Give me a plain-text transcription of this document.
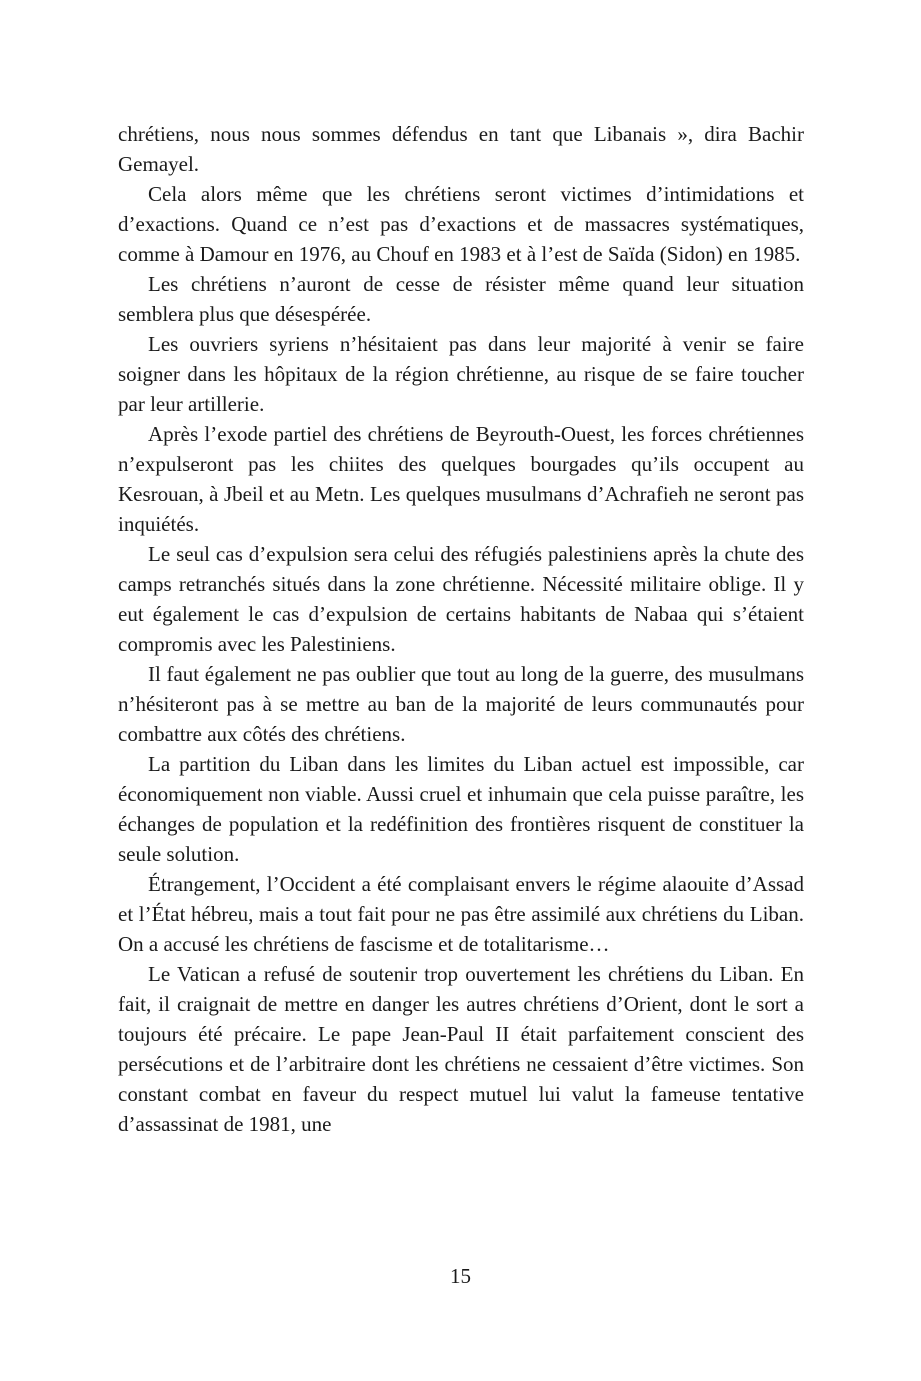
chrétiens, nous nous sommes défendus en tant que Libanais », dira Bachir Gemayel.

Cela alors même que les chrétiens seront victimes d’intimidations et d’exactions. Quand ce n’est pas d’exactions et de massacres systématiques, comme à Damour en 1976, au Chouf en 1983 et à l’est de Saïda (Sidon) en 1985.

Les chrétiens n’auront de cesse de résister même quand leur situation semblera plus que désespérée.

Les ouvriers syriens n’hésitaient pas dans leur majorité à venir se faire soigner dans les hôpitaux de la région chrétienne, au risque de se faire toucher par leur artillerie.

Après l’exode partiel des chrétiens de Beyrouth-Ouest, les forces chrétiennes n’expulseront pas les chiites des quelques bourgades qu’ils occupent au Kesrouan, à Jbeil et au Metn. Les quelques musulmans d’Achrafieh ne seront pas inquiétés.

Le seul cas d’expulsion sera celui des réfugiés palestiniens après la chute des camps retranchés situés dans la zone chrétienne. Nécessité militaire oblige. Il y eut également le cas d’expulsion de certains habitants de Nabaa qui s’étaient compromis avec les Palestiniens.

Il faut également ne pas oublier que tout au long de la guerre, des musulmans n’hésiteront pas à se mettre au ban de la majorité de leurs communautés pour combattre aux côtés des chrétiens.

La partition du Liban dans les limites du Liban actuel est impossible, car économiquement non viable. Aussi cruel et inhumain que cela puisse paraître, les échanges de population et la redéfinition des frontières risquent de constituer la seule solution.

Étrangement, l’Occident a été complaisant envers le régime alaouite d’Assad et l’État hébreu, mais a tout fait pour ne pas être assimilé aux chrétiens du Liban. On a accusé les chrétiens de fascisme et de totalitarisme…

Le Vatican a refusé de soutenir trop ouvertement les chrétiens du Liban. En fait, il craignait de mettre en danger les autres chrétiens d’Orient, dont le sort a toujours été précaire. Le pape Jean-Paul II était parfaitement conscient des persécutions et de l’arbitraire dont les chrétiens ne cessaient d’être victimes. Son constant combat en faveur du respect mutuel lui valut la fameuse tentative d’assassinat de 1981, une

15
